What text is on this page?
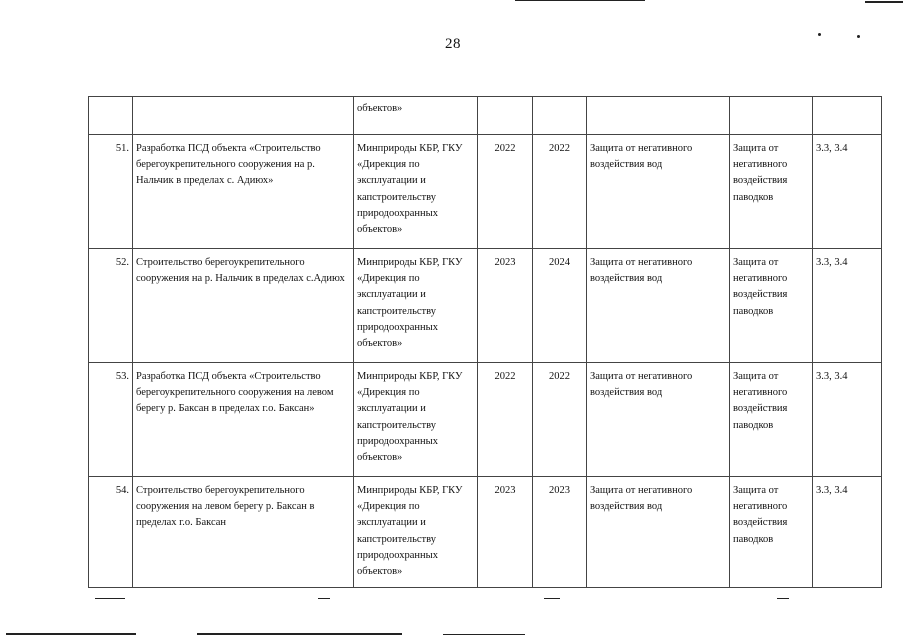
28
		объектов»					
51.	Разработка ПСД объекта «Строительство берегоукрепительного сооружения на р. Нальчик в пределах с. Адиюх»	Минприроды КБР, ГКУ «Дирекция по эксплуатации и капстроительству природоохранных объектов»	2022	2022	Защита от негативного воздействия вод	Защита от негативного воздействия паводков	3.3, 3.4
52.	Строительство берегоукрепительного сооружения на р. Нальчик в пределах с.Адиюх	Минприроды КБР, ГКУ «Дирекция по эксплуатации и капстроительству природоохранных объектов»	2023	2024	Защита от негативного воздействия вод	Защита от негативного воздействия паводков	3.3, 3.4
53.	Разработка ПСД объекта «Строительство берегоукрепительного сооружения на левом берегу р. Баксан в пределах г.о. Баксан»	Минприроды КБР, ГКУ «Дирекция по эксплуатации и капстроительству природоохранных объектов»	2022	2022	Защита от негативного воздействия вод	Защита от негативного воздействия паводков	3.3, 3.4
54.	Строительство берегоукрепительного сооружения на левом берегу р. Баксан в пределах г.о. Баксан	Минприроды КБР, ГКУ «Дирекция по эксплуатации и капстроительству природоохранных объектов»	2023	2023	Защита от негативного воздействия вод	Защита от негативного воздействия паводков	3.3, 3.4
